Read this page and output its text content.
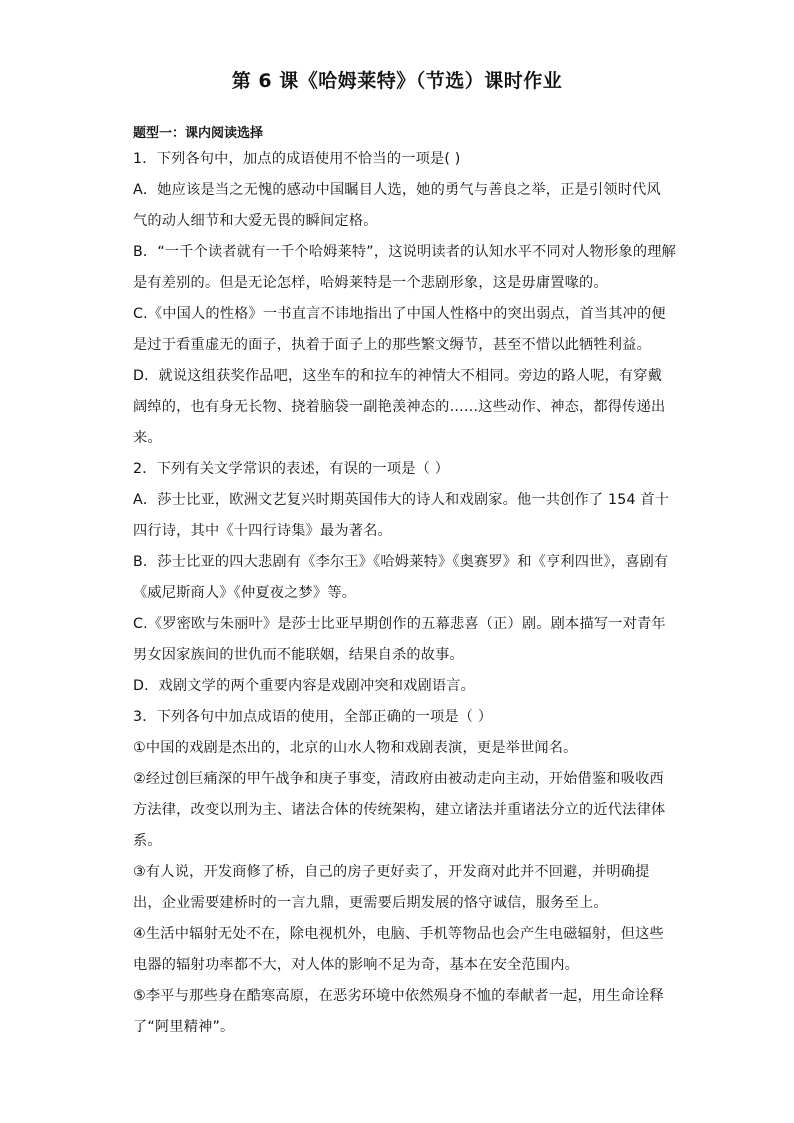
第 6 课《哈姆莱特》（节选）课时作业
题型一：课内阅读选择
1．下列各句中，加点的成语使用不恰当的一项是( )
A．她应该是当之无愧的感动中国瞩目人选，她的勇气与善良之举，正是引领时代风
气的动人细节和大爱无畏的瞬间定格。
B．“一千个读者就有一千个哈姆莱特”，这说明读者的认知水平不同对人物形象的理解
是有差别的。但是无论怎样，哈姆莱特是一个悲剧形象，这是毋庸置喙的。
C.《中国人的性格》一书直言不讳地指出了中国人性格中的突出弱点，首当其冲的便
是过于看重虚无的面子，执着于面子上的那些繁文缛节，甚至不惜以此牺牲利益。
D．就说这组获奖作品吧，这坐车的和拉车的神情大不相同。旁边的路人呢，有穿戴
阔绰的，也有身无长物、挠着脑袋一副艳羡神态的……这些动作、神态，都得传递出
来。
2．下列有关文学常识的表述，有误的一项是（ ）
A．莎士比亚，欧洲文艺复兴时期英国伟大的诗人和戏剧家。他一共创作了 154 首十
四行诗，其中《十四行诗集》最为著名。
B．莎士比亚的四大悲剧有《李尔王》《哈姆莱特》《奥赛罗》和《亨利四世》，喜剧有
《威尼斯商人》《仲夏夜之梦》等。
C.《罗密欧与朱丽叶》是莎士比亚早期创作的五幕悲喜（正）剧。剧本描写一对青年
男女因家族间的世仇而不能联姻，结果自杀的故事。
D．戏剧文学的两个重要内容是戏剧冲突和戏剧语言。
3．下列各句中加点成语的使用，全部正确的一项是（ ）
①中国的戏剧是杰出的，北京的山水人物和戏剧表演，更是举世闻名。
②经过创巨痛深的甲午战争和庚子事变，清政府由被动走向主动，开始借鉴和吸收西
方法律，改变以刑为主、诸法合体的传统架构，建立诸法并重诸法分立的近代法律体
系。
③有人说，开发商修了桥，自己的房子更好卖了，开发商对此并不回避，并明确提
出，企业需要建桥时的一言九鼎，更需要后期发展的恪守诚信，服务至上。
④生活中辐射无处不在，除电视机外，电脑、手机等物品也会产生电磁辐射，但这些
电器的辐射功率都不大，对人体的影响不足为奇，基本在安全范围内。
⑤李平与那些身在酷寒高原，在恶劣环境中依然殒身不恤的奉献者一起，用生命诠释
了“阿里精神”。
